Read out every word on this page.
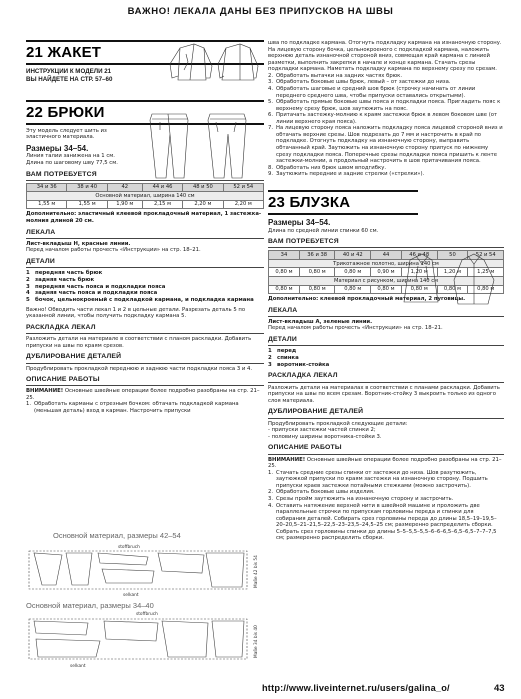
ВАЖНО! ЛЕКАЛА ДАНЫ БЕЗ ПРИПУСКОВ НА ШВЫ
21 ЖАКЕТ
ИНСТРУКЦИИ К МОДЕЛИ 21
ВЫ НАЙДЕТЕ НА СТР. 57–60
22 БРЮКИ
Эту модель следует шить из эластичного материала.
Размеры 34–54.
Линия талии занижена на 1 см.
Длина по шаговому шву 77,5 см.
ВАМ ПОТРЕБУЕТСЯ
34 и 36	38 и 40	42	44 и 46	48 и 50	52 и 54
Основной материал, ширина 140 см					
1,55 м	1,55 м	1,90 м	2,15 м	2,20 м	2,20 м
Дополнительно: эластичный клеевой прокладочный материал, 1 застежка-молния длиной 20 см.
ЛЕКАЛА
Лист-вкладыш Н, красные линии.
Перед началом работы прочесть «Инструкции» на стр. 18–21.
ДЕТАЛИ
1 передняя часть брюк
2 задняя часть брюк
3 передняя часть пояса и подкладки пояса
4 задняя часть пояса и подкладки пояса
5 бочок, цельнокроеный с подкладкой кармана, и подкладка кармана
Важно! Обводить части лекал 1 и 2 в цельные детали. Разрезать деталь 5 по указанной линии, чтобы получить подкладку кармана 5.
РАСКЛАДКА ЛЕКАЛ
Разложить детали на материале в соответствии с планом раскладки. Добавить припуски на швы по краям срезов.
ДУБЛИРОВАНИЕ ДЕТАЛЕЙ
Продублировать прокладкой переднюю и заднюю части подкладки пояса 3 и 4.
ОПИСАНИЕ РАБОТЫ
ВНИМАНИЕ! Основные швейные операции более подробно разобраны на стр. 21–25.
1. Обработать карманы с отрезным бочком: обтачать подкладкой кармана (меньшая деталь) вход в карман. Настрочить припуски
Основной материал, размеры 42–54
stoffbruch
selkant
Maße 42 bis 54
Основной материал, размеры 34–40
stoffbruch
selkant
Maße 34 bis 40
шва по подкладке кармана. Отогнуть подкладку кармана на изнаночную сторону. На лицевую сторону бочка, цельнокроеного с подкладкой кармана, наложить верхнюю деталь изнаночной стороной вниз, совмещая край кармана с линией разметки, выполнить закрепки в начале и конце кармана. Стачать срезы подкладки кармана. Наметать подкладку кармана по верхнему срезу по срезам.
2. Обработать вытачки на задних частях брюк.
3. Обработать боковые швы брюк, левый – от застежки до низа.
4. Обработать шаговые и средний шов брюк (строчку начинать от линии переднего среднего шва, чтобы припуски оставались открытыми).
5. Обработать прямые боковые швы пояса и подкладки пояса. Пригладить пояс к верхнему срезу брюк, шов заутюжить на пояс.
6. Притачать застежку-молнию к краям застежки брюк в левом боковом шве (от линии верхнего края пояса).
7. На лицевую сторону пояса наложить подкладку пояса лицевой стороной вниз и обтачать верхние срезы. Шов подрезать до 7 мм и настрочить в край по подкладке. Отогнуть подкладку на изнаночную сторону, выправить обтачанный край. Заутюжить на изнаночную сторону припуск по нижнему срезу подкладки пояса. Поперечные срезы подкладки пояса пришить к ленте застежки-молнии, а продольный настрочить в шов притачивания пояса.
8. Обработать низ брюк швом вподгибку.
9. Заутюжить передние и задние стрелки («стрелки»).
23 БЛУЗКА
Размеры 34–54.
Длина по средней линии спинки 60 см.
ВАМ ПОТРЕБУЕТСЯ
34	36 и 38	40 и 42	44	46 и 48	50	52 и 54
Трикотажное полотно, ширина 140 см						
0,80 м	0,80 м	0,80 м	0,90 м	1,20 м	1,20 м	1,25 м
Материал с рисунком, ширина 140 см						
0,80 м	0,80 м	0,80 м	0,80 м	0,80 м	0,80 м	0,80 м
Дополнительно: клеевой прокладочный материал, 2 пуговицы.
ЛЕКАЛА
Лист-вкладыш А, зеленые линии.
Перед началом работы прочесть «Инструкции» на стр. 18–21.
ДЕТАЛИ
1 перед
2 спинка
3 воротник-стойка
РАСКЛАДКА ЛЕКАЛ
Разложить детали на материалах в соответствии с планами раскладки. Добавить припуски на швы по всем срезам. Воротник-стойку 3 выкроить только из одного слоя материала.
ДУБЛИРОВАНИЕ ДЕТАЛЕЙ
Продублировать прокладкой следующие детали:
- припуски застежки частей спинки 2;
- половину ширины воротника-стойки 3.
ОПИСАНИЕ РАБОТЫ
ВНИМАНИЕ! Основные швейные операции более подробно разобраны на стр. 21–25.
1. Стачать средние срезы спинки от застежки до низа. Шов разутюжить, заутюжкой припуски по краям застежки на изнаночную сторону. Подшить припуски краев застежки потайными стежками (можно застрочить).
2. Обработать боковые швы изделия.
3. Срезы пройм заутюжить на изнаночную сторону и застрочить.
4. Оставить натяжение верхней нити в швейной машине и проложить две параллельные строчки по припускам горловины переда и спинки для собирания деталей. Собирать срез горловины переда до длины 18,5–19–19,5–20–20,5–21–21,5–22,5–23–23,5–24,5–25 см; размеренно распределить сборки. Собрать срез горловины спинки до длины 5–5–5,5–5,5–6–6–6,5–6,5–6,5–7–7–7,5 см; размеренно распределить сборки.
http://www.liveinternet.ru/users/galina_o/	43
